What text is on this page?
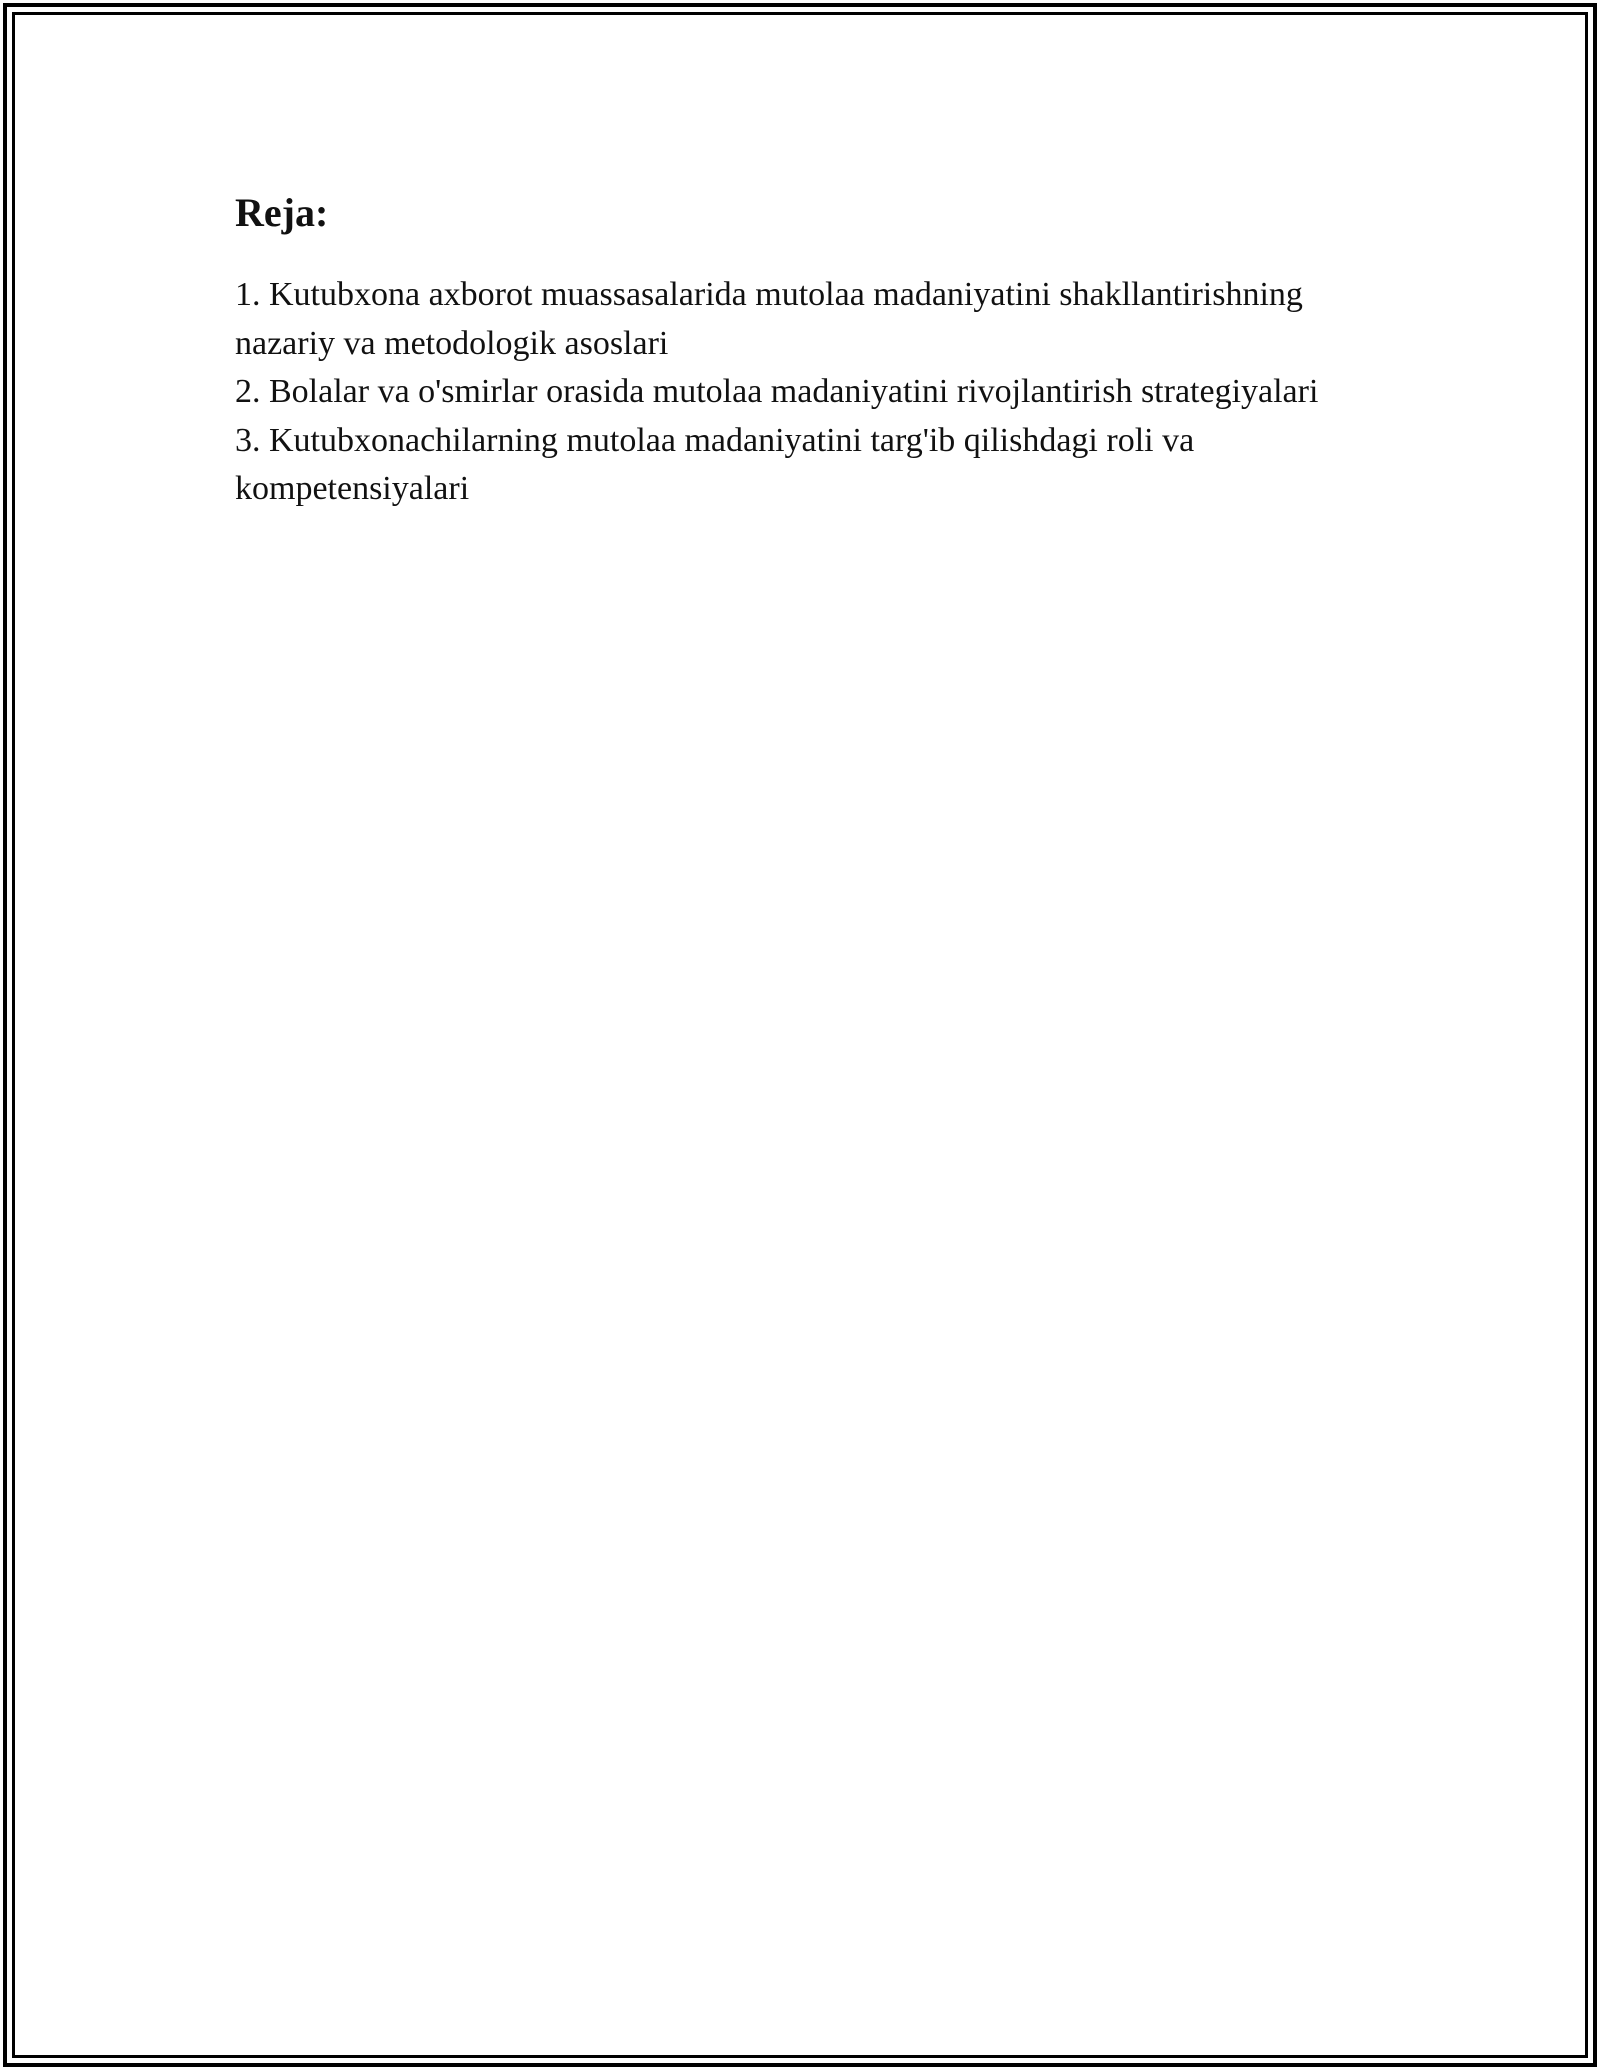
Reja:
1. Kutubxona axborot muassasalarida mutolaa madaniyatini shakllantirishning nazariy va metodologik asoslari
2. Bolalar va o'smirlar orasida mutolaa madaniyatini rivojlantirish strategiyalari
3. Kutubxonachilarning mutolaa madaniyatini targ'ib qilishdagi roli va kompetensiyalari
